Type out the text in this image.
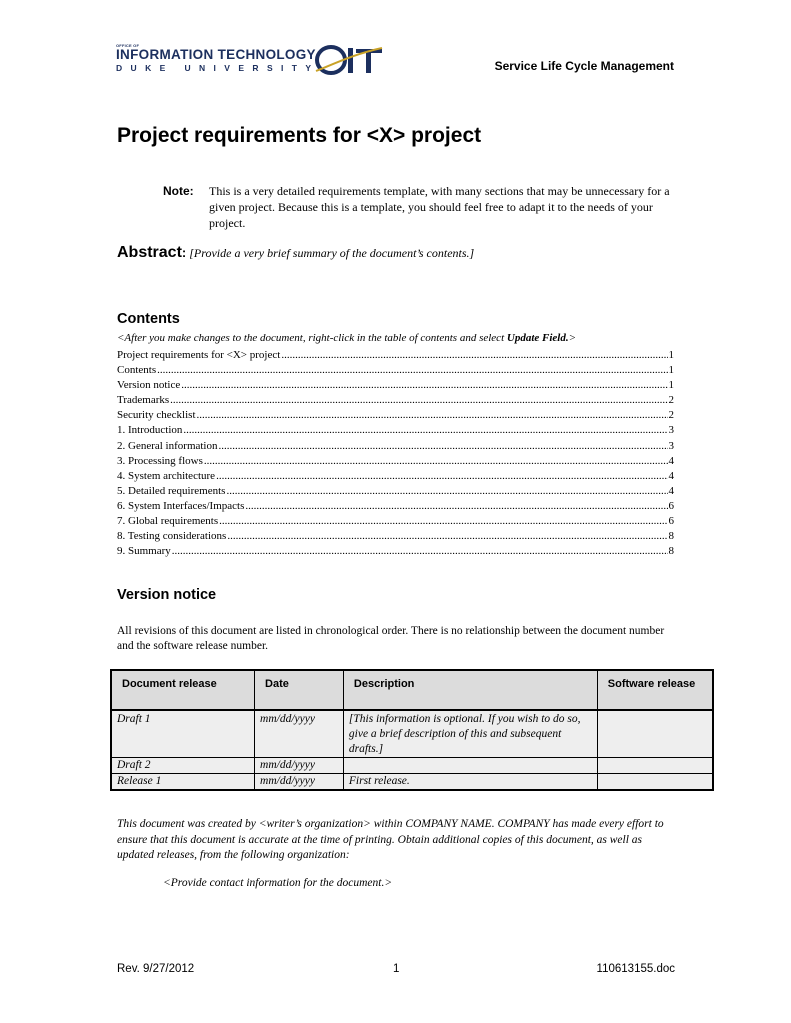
OFFICE OF
INFORMATION TECHNOLOGY
DUKE UNIVERSITY	Service Life Cycle Management
Project requirements for <X> project
Note: This is a very detailed requirements template, with many sections that may be unnecessary for a given project. Because this is a template, you should feel free to adapt it to the needs of your project.
Abstract: [Provide a very brief summary of the document’s contents.]
Contents
<After you make changes to the document, right-click in the table of contents and select Update Field.>
Project requirements for <X> project .....	1
Contents .....	1
Version notice .....	1
Trademarks .....	2
Security checklist .....	2
1. Introduction .....	3
2. General information .....	3
3. Processing flows .....	4
4. System architecture .....	4
5. Detailed requirements .....	4
6. System Interfaces/Impacts .....	6
7. Global requirements .....	6
8. Testing considerations .....	8
9. Summary .....	8
Version notice
All revisions of this document are listed in chronological order. There is no relationship between the document number and the software release number.
Document release	Date	Description	Software release
Draft 1	mm/dd/yyyy	[This information is optional. If you wish to do so, give a brief description of this and subsequent drafts.]	
Draft 2	mm/dd/yyyy		
Release 1	mm/dd/yyyy	First release.	
This document was created by <writer’s organization> within COMPANY NAME. COMPANY has made every effort to ensure that this document is accurate at the time of printing. Obtain additional copies of this document, as well as updated releases, from the following organization:
<Provide contact information for the document.>
Rev. 9/27/2012	1	110613155.doc
